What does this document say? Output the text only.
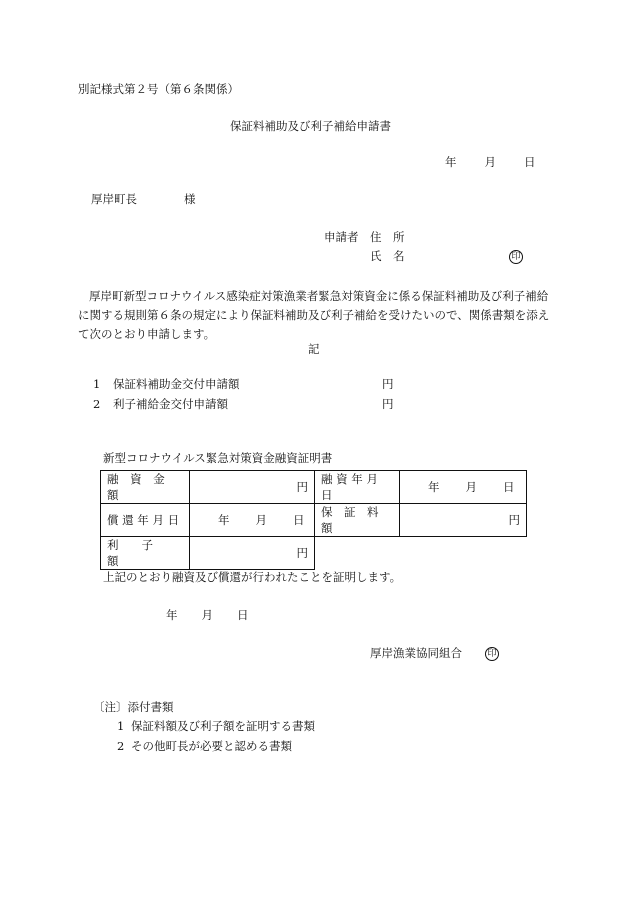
別記様式第２号（第６条関係）
保証料補助及び利子補給申請書
年 月 日
厚岸町長	様
申請者 住　所
氏　名	印
厚岸町新型コロナウイルス感染症対策漁業者緊急対策資金に係る保証料補助及び利子補給に関する規則第６条の規定により保証料補助及び利子補給を受けたいので、関係書類を添えて次のとおり申請します。
記
1 保証料補助金交付申請額	円
2 利子補給金交付申請額	円
新型コロナウイルス緊急対策資金融資証明書
融 資 金 額	円	融 資 年 月 日	年 月 日
償 還 年 月 日	年 月 日	保　証　料　額	円
利　　子　　額	円		
上記のとおり融資及び償還が行われたことを証明します。
年 月 日
厚岸漁業協同組合	印
〔注〕添付書類
1 保証料額及び利子額を証明する書類
2 その他町長が必要と認める書類
